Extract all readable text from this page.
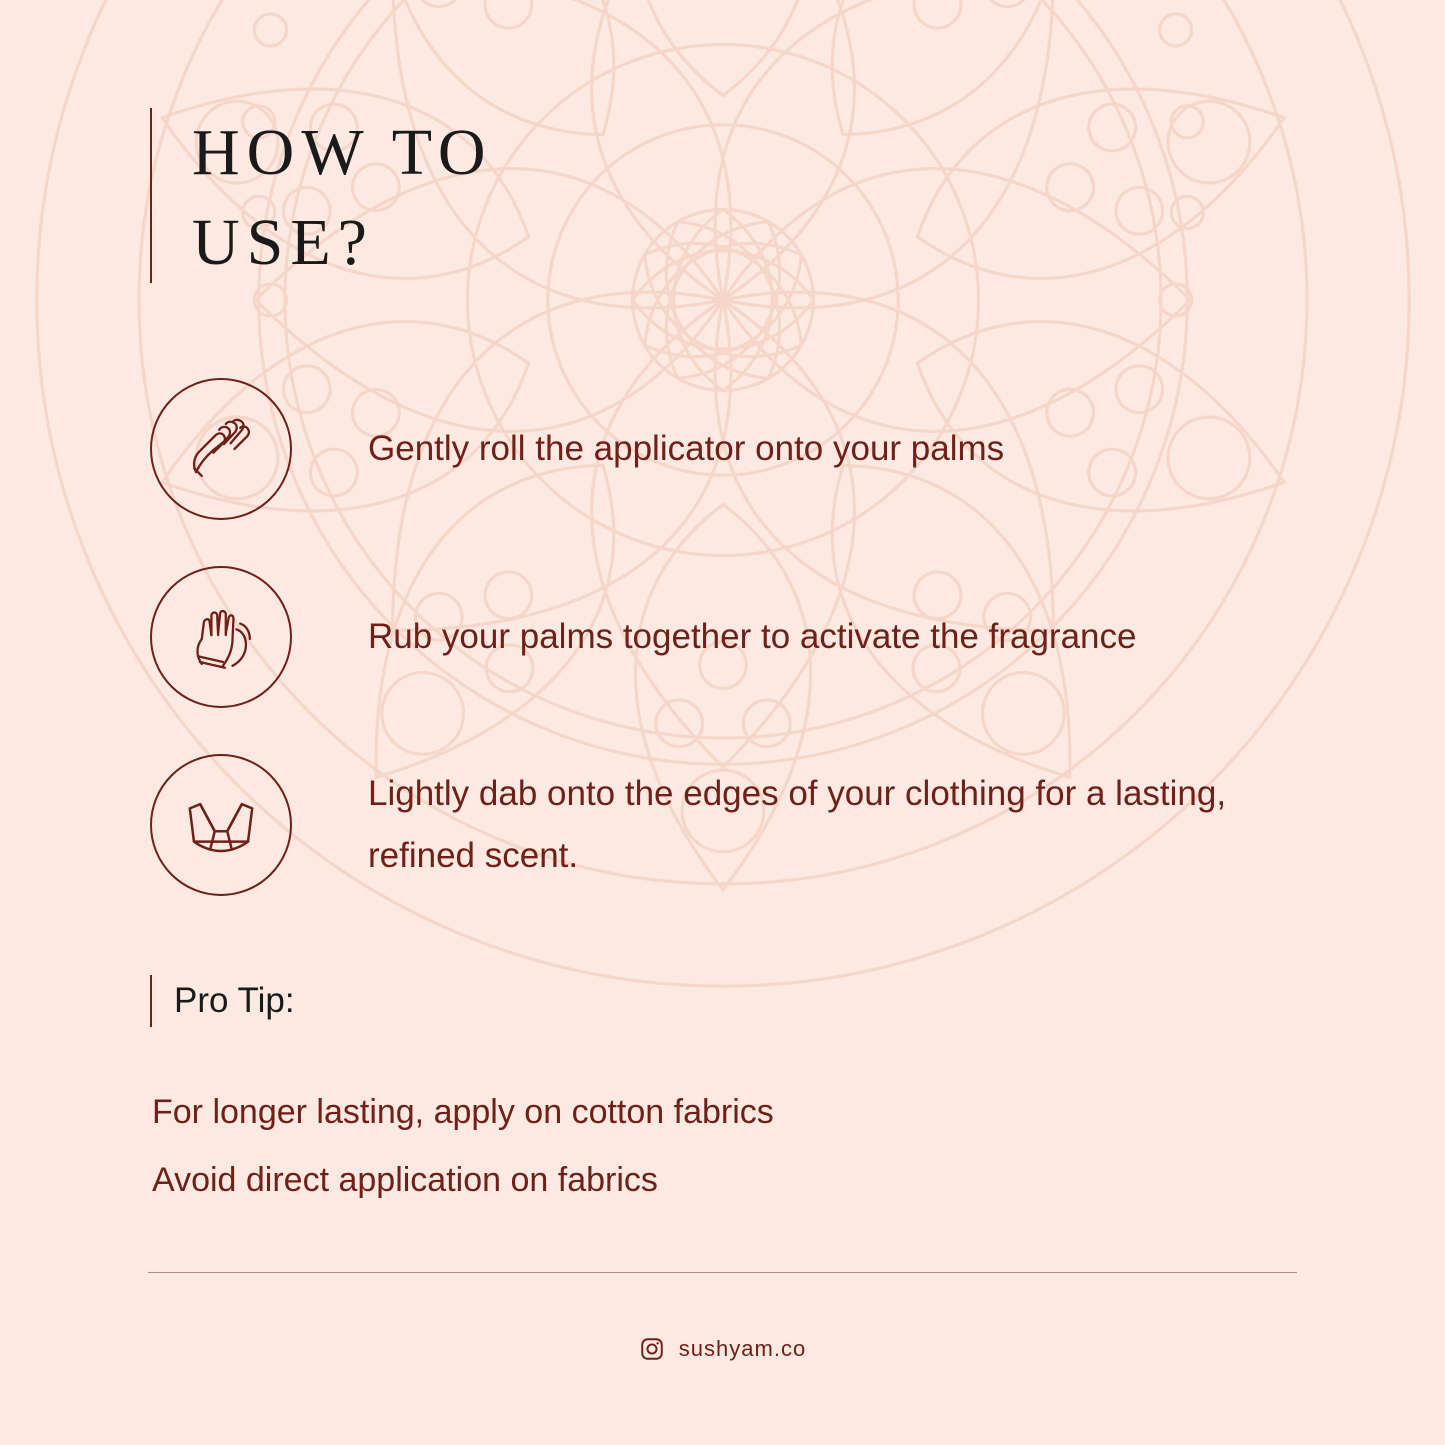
HOW TO
USE?
Gently roll the applicator onto your palms
Rub your palms together to activate the fragrance
Lightly dab onto the edges of your clothing for a lasting, refined scent.
Pro Tip:
For longer lasting, apply on cotton fabrics
Avoid direct application on fabrics
sushyam.co
